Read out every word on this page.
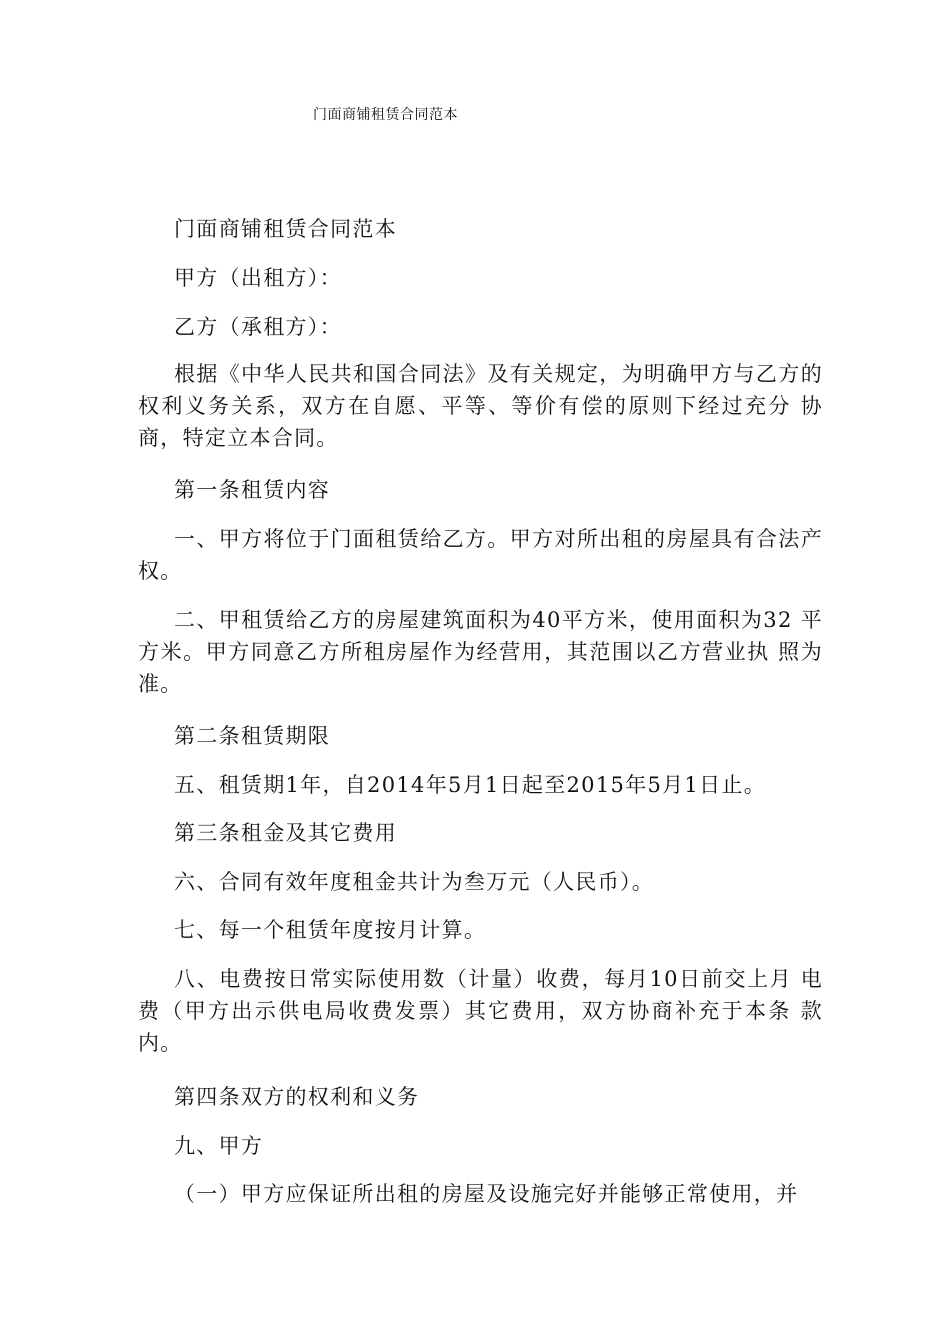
门面商铺租赁合同范本
门面商铺租赁合同范本
甲方（出租方）：
乙方（承租方）：
根据《中华人民共和国合同法》及有关规定，为明确甲方与乙方的权利义务关系，双方在自愿、平等、等价有偿的原则下经过充分 协商，特定立本合同。
第一条租赁内容
一、甲方将位于门面租赁给乙方。甲方对所出租的房屋具有合法产权。
二、甲租赁给乙方的房屋建筑面积为40平方米，使用面积为32 平方米。甲方同意乙方所租房屋作为经营用，其范围以乙方营业执 照为准。
第二条租赁期限
五、租赁期1年，自2014年5月1日起至2015年5月1日止。
第三条租金及其它费用
六、合同有效年度租金共计为叁万元（人民币）。
七、每一个租赁年度按月计算。
八、电费按日常实际使用数（计量）收费，每月10日前交上月 电费（甲方出示供电局收费发票）其它费用，双方协商补充于本条 款内。
第四条双方的权利和义务
九、甲方
（一）甲方应保证所出租的房屋及设施完好并能够正常使用，并
